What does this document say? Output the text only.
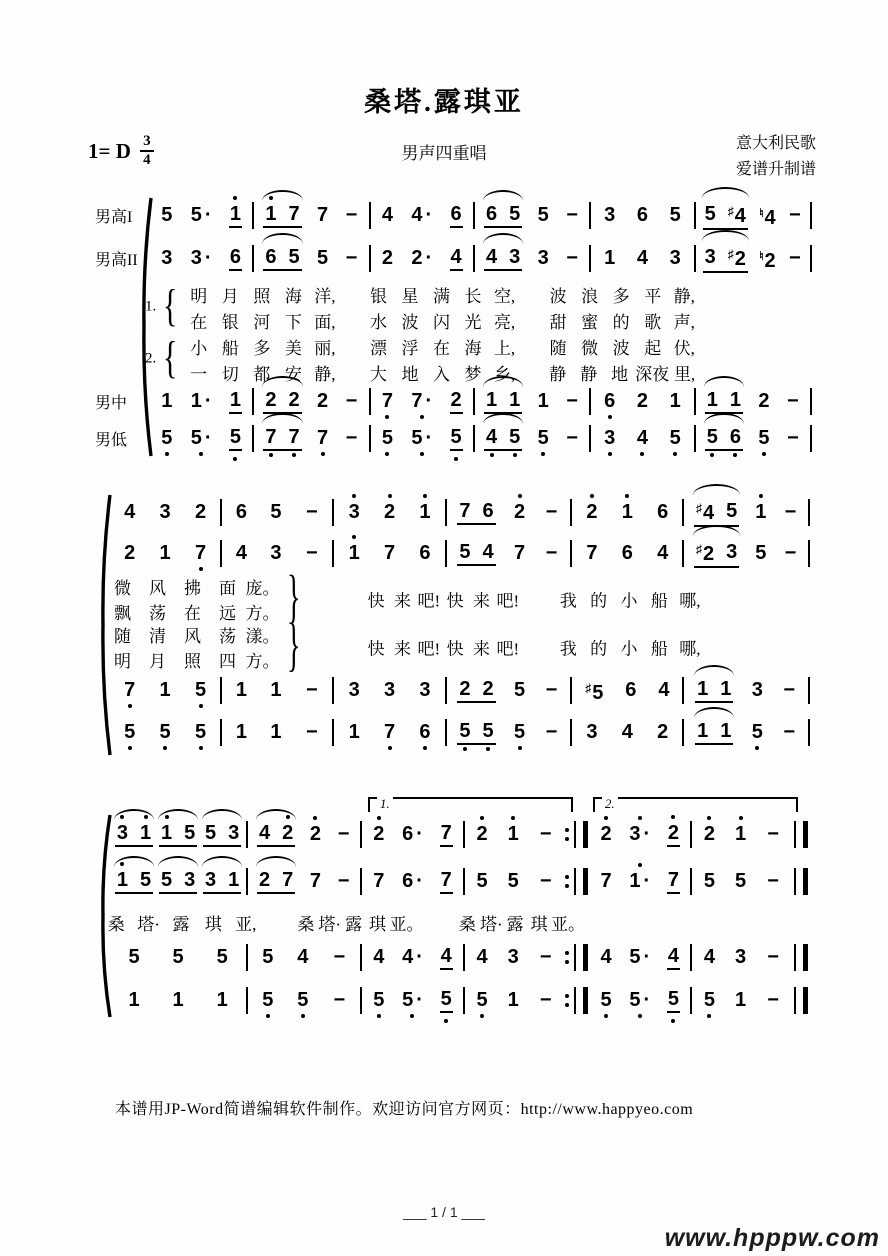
桑塔.露琪亚
1= D $\frac{3}{4}$	男声四重唱
意大利民歌
爱谱升制谱
男高I
男高II
男中
男低
5 5 · 1 1 7 7 − 4 4 · 6 6 5 5 − 3 6 5 5 ♯4 ♮4 −
3 3 · 6 6 5 5 − 2 2 · 4 4 3 3 − 1 4 3 3 ♯2 ♮2 −
1 1 · 1 2 2 2 − 7 7 · 2 1 1 1 − 6 2 1 1 1 2 −
5 5 · 5 7 7 7 − 5 5 · 5 4 5 5 − 3 4 5 5 6 5 −
1. { 明 月 照 海 洋,	银 星 满 长 空,	波 浪 多 平 静,
在 银 河 下 面,	水 波 闪 光 亮,	甜 蜜 的 歌 声,
2. { 小 船 多 美 丽,	漂 浮 在 海 上,	随 微 波 起 伏,
一 切 都 安 静,	大 地 入 梦 乡,	静 静 地 深夜 里,
4 3 2 6 5 − 3 2 1 7 6 2 − 2 1 6 ♯4 5 1 −
2 1 7 4 3 − 1 7 6 5 4 7 − 7 6 4 ♯2 3 5 −
7 1 5 1 1 − 3 3 3 2 2 5 − ♯5 6 4 1 1 3 −
5 5 5 1 1 − 1 7 6 5 5 5 − 3 4 2 1 1 5 −
微	风	拂	面 庞。
飘	荡	在	远 方。 }	快 来 吧! 快 来 吧!	我 的 小 船 哪,
随	清	风	荡 漾。
明	月	照	四 方。 }	快 来 吧! 快 来 吧!	我 的 小 船 哪,
1.	2.
3 1 1 5 5 3 4 2 2 − 2 6 · 7 2 1 − 2 3 · 2 2 1 −
1 5 5 3 3 1 2 7 7 − 7 6 · 7 5 5 − 7 1 · 7 5 5 −
5 5 5 5 4 − 4 4 · 4 4 3 − 4 5 · 4 4 3 −
1 1 1 5 5 − 5 5 · 5 5 1 − 5 5 · 5 5 1 −
桑 塔· 露 琪 亚,	桑 塔· 露 琪 亚。 桑 塔· 露 琪 亚。
本谱用JP-Word简谱编辑软件制作。欢迎访问官方网页：http://www.happyeo.com
___ 1 / 1 ___
www.hpppw.com
